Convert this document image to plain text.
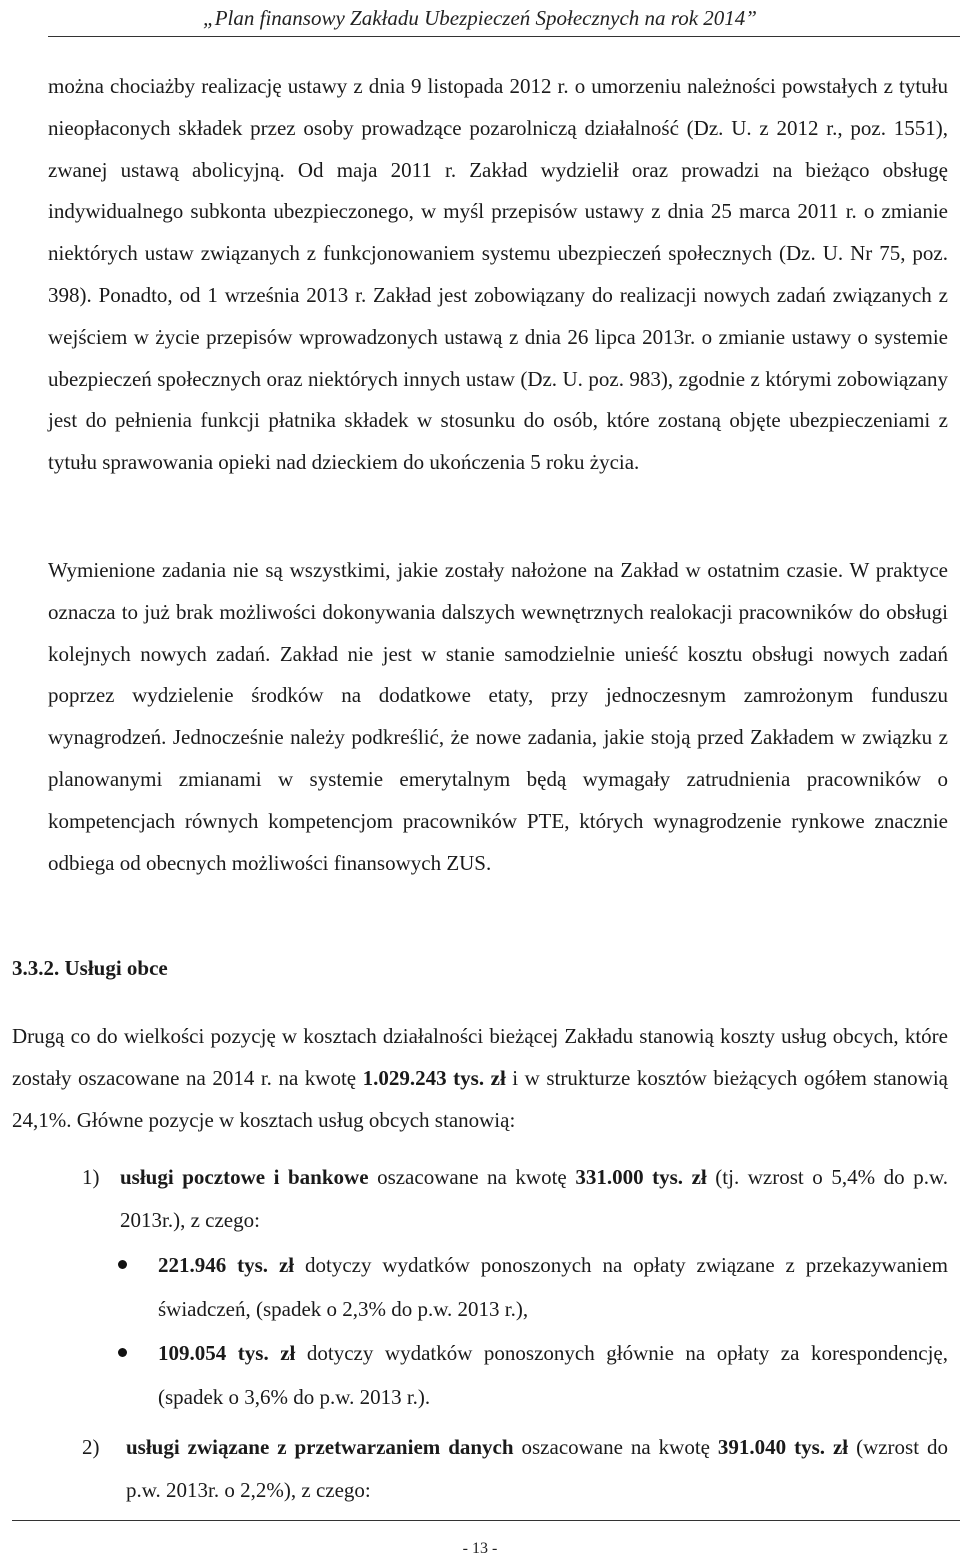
„Plan finansowy Zakładu Ubezpieczeń Społecznych na rok 2014”

można chociażby realizację ustawy z dnia 9 listopada 2012 r. o umorzeniu należności powstałych z tytułu nieopłaconych składek przez osoby prowadzące pozarolniczą działalność (Dz. U. z 2012 r., poz. 1551), zwanej ustawą abolicyjną. Od maja 2011 r. Zakład wydzielił oraz prowadzi na bieżąco obsługę indywidualnego subkonta ubezpieczonego, w myśl przepisów ustawy z dnia 25 marca 2011 r. o zmianie niektórych ustaw związanych z funkcjonowaniem systemu ubezpieczeń społecznych (Dz. U. Nr 75, poz. 398). Ponadto, od 1 września 2013 r. Zakład jest zobowiązany do realizacji nowych zadań związanych z wejściem w życie przepisów wprowadzonych ustawą z dnia 26 lipca 2013r. o zmianie ustawy o systemie ubezpieczeń społecznych oraz niektórych innych ustaw (Dz. U. poz. 983), zgodnie z którymi zobowiązany jest do pełnienia funkcji płatnika składek w stosunku do osób, które zostaną objęte ubezpieczeniami z tytułu sprawowania opieki nad dzieckiem do ukończenia 5 roku życia.

Wymienione zadania nie są wszystkimi, jakie zostały nałożone na Zakład w ostatnim czasie. W praktyce oznacza to już brak możliwości dokonywania dalszych wewnętrznych realokacji pracowników do obsługi kolejnych nowych zadań. Zakład nie jest w stanie samodzielnie unieść kosztu obsługi nowych zadań poprzez wydzielenie środków na dodatkowe etaty, przy jednoczesnym zamrożonym funduszu wynagrodzeń. Jednocześnie należy podkreślić, że nowe zadania, jakie stoją przed Zakładem w związku z planowanymi zmianami w systemie emerytalnym będą wymagały zatrudnienia pracowników o kompetencjach równych kompetencjom pracowników PTE, których wynagrodzenie rynkowe znacznie odbiega od obecnych możliwości finansowych ZUS.

3.3.2. Usługi obce

Drugą co do wielkości pozycję w kosztach działalności bieżącej Zakładu stanowią koszty usług obcych, które zostały oszacowane na 2014 r. na kwotę 1.029.243 tys. zł i w strukturze kosztów bieżących ogółem stanowią 24,1%. Główne pozycje w kosztach usług obcych stanowią:

1) usługi pocztowe i bankowe oszacowane na kwotę 331.000 tys. zł (tj. wzrost o 5,4% do p.w. 2013r.), z czego:
221.946 tys. zł dotyczy wydatków ponoszonych na opłaty związane z przekazywaniem świadczeń, (spadek o 2,3% do p.w. 2013 r.),
109.054 tys. zł dotyczy wydatków ponoszonych głównie na opłaty za korespondencję, (spadek o 3,6% do p.w. 2013 r.).
2) usługi związane z przetwarzaniem danych oszacowane na kwotę 391.040 tys. zł (wzrost do p.w. 2013r. o 2,2%), z czego:
- 13 -
